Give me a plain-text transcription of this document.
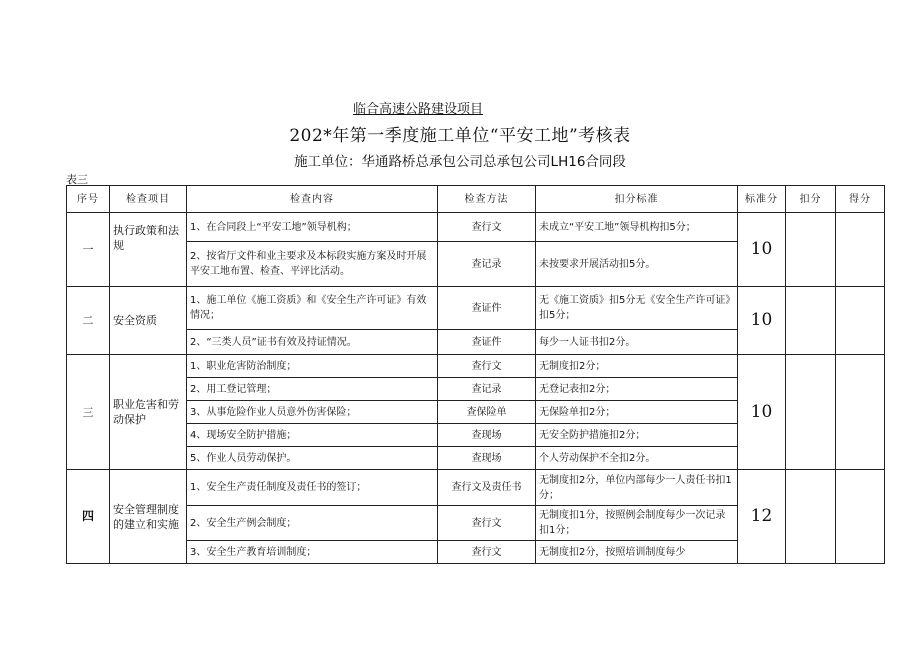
临合高速公路建设项目
202*年第一季度施工单位“平安工地”考核表
施工单位：华通路桥总承包公司总承包公司LH16合同段
表三
序号	检查项目	检查内容	检查方法	扣分标准	标准分	扣分	得分
一	执行政策和法规	1、在合同段上“平安工地”领导机构；	查行文	未成立“平安工地”领导机构扣5分；	10		
		2、按省厅文件和业主要求及本标段实施方案及时开展平安工地布置、检查、平评比活动。	查记录	未按要求开展活动扣5分。			
二	安全资质	1、施工单位《施工资质》和《安全生产许可证》有效情况；	查证件	无《施工资质》扣5分无《安全生产许可证》扣5分；	10		
		2、“三类人员”证书有效及持证情况。	查证件	每少一人证书扣2分。			
三	职业危害和劳动保护	1、职业危害防治制度；	查行文	无制度扣2分；	10		
		2、用工登记管理；	查记录	无登记表扣2分；			
		3、从事危险作业人员意外伤害保险；	查保险单	无保险单扣2分；			
		4、现场安全防护措施；	查现场	无安全防护措施扣2分；			
		5、作业人员劳动保护。	查现场	个人劳动保护不全扣2分。			
四	安全管理制度的建立和实施	1、安全生产责任制度及责任书的签订；	查行文及责任书	无制度扣2分，单位内部每少一人责任书扣1分；	12		
		2、安全生产例会制度；	查行文	无制度扣1分，按照例会制度每少一次记录扣1分；			
		3、安全生产教育培训制度；	查行文	无制度扣2分，按照培训制度每少			
